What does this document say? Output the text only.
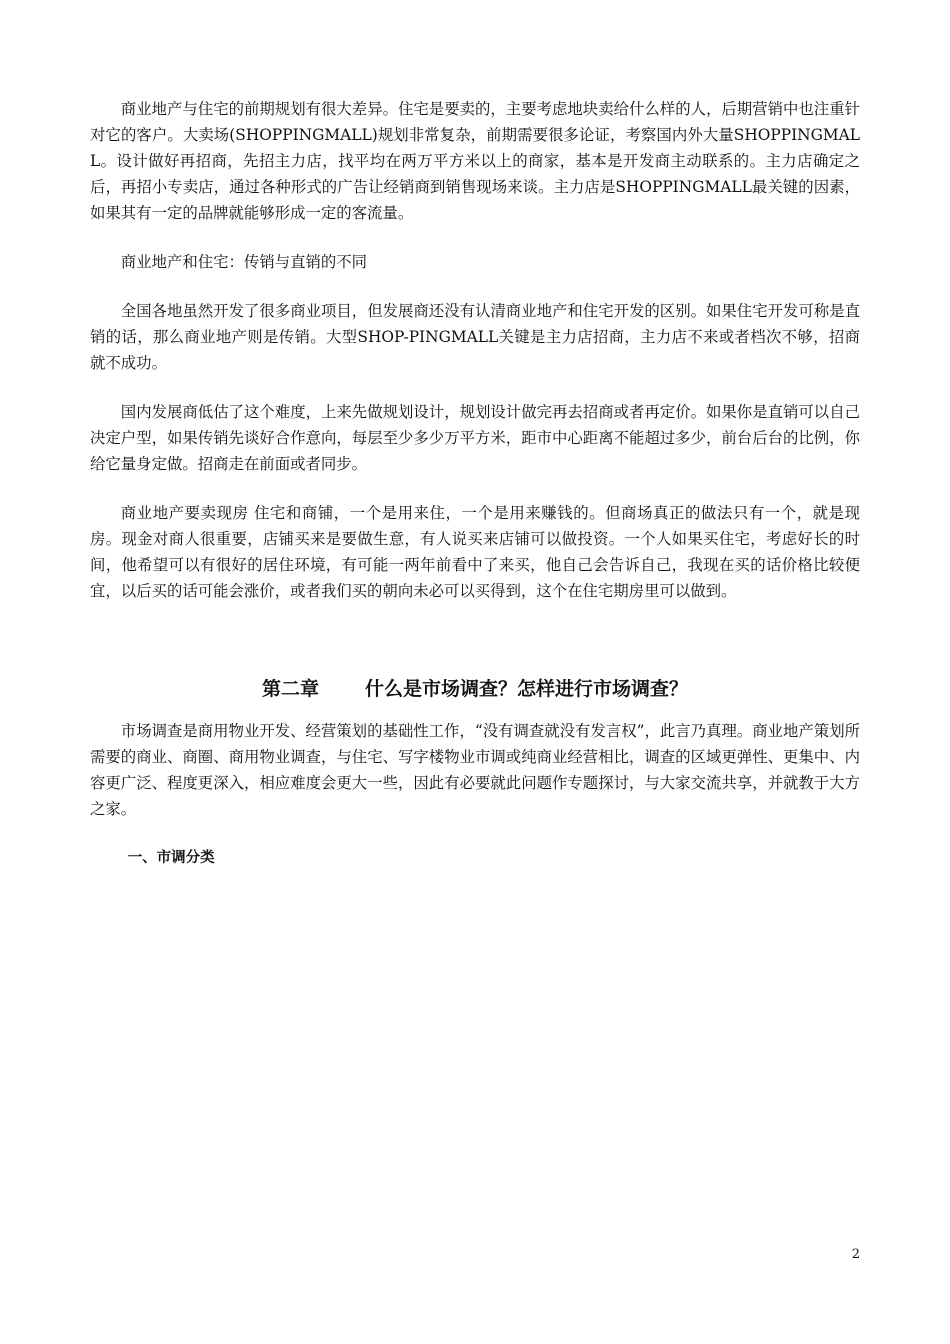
商业地产与住宅的前期规划有很大差异。住宅是要卖的，主要考虑地块卖给什么样的人，后期营销中也注重针对它的客户。大卖场(SHOPPINGMALL)规划非常复杂，前期需要很多论证，考察国内外大量SHOPPINGMALL。设计做好再招商，先招主力店，找平均在两万平方米以上的商家，基本是开发商主动联系的。主力店确定之后，再招小专卖店，通过各种形式的广告让经销商到销售现场来谈。主力店是SHOPPINGMALL最关键的因素，如果其有一定的品牌就能够形成一定的客流量。

商业地产和住宅：传销与直销的不同

全国各地虽然开发了很多商业项目，但发展商还没有认清商业地产和住宅开发的区别。如果住宅开发可称是直销的话，那么商业地产则是传销。大型SHOP-PINGMALL关键是主力店招商，主力店不来或者档次不够，招商就不成功。

国内发展商低估了这个难度，上来先做规划设计，规划设计做完再去招商或者再定价。如果你是直销可以自己决定户型，如果传销先谈好合作意向，每层至少多少万平方米，距市中心距离不能超过多少，前台后台的比例，你给它量身定做。招商走在前面或者同步。

商业地产要卖现房 住宅和商铺，一个是用来住，一个是用来赚钱的。但商场真正的做法只有一个，就是现房。现金对商人很重要，店铺买来是要做生意，有人说买来店铺可以做投资。一个人如果买住宅，考虑好长的时间，他希望可以有很好的居住环境，有可能一两年前看中了来买，他自己会告诉自己，我现在买的话价格比较便宜，以后买的话可能会涨价，或者我们买的朝向未必可以买得到，这个在住宅期房里可以做到。

第二章 什么是市场调查？怎样进行市场调查？

市场调查是商用物业开发、经营策划的基础性工作，“没有调查就没有发言权”，此言乃真理。商业地产策划所需要的商业、商圈、商用物业调查，与住宅、写字楼物业市调或纯商业经营相比，调查的区域更弹性、更集中、内容更广泛、程度更深入，相应难度会更大一些，因此有必要就此问题作专题探讨，与大家交流共享，并就教于大方之家。

一、市调分类

2
